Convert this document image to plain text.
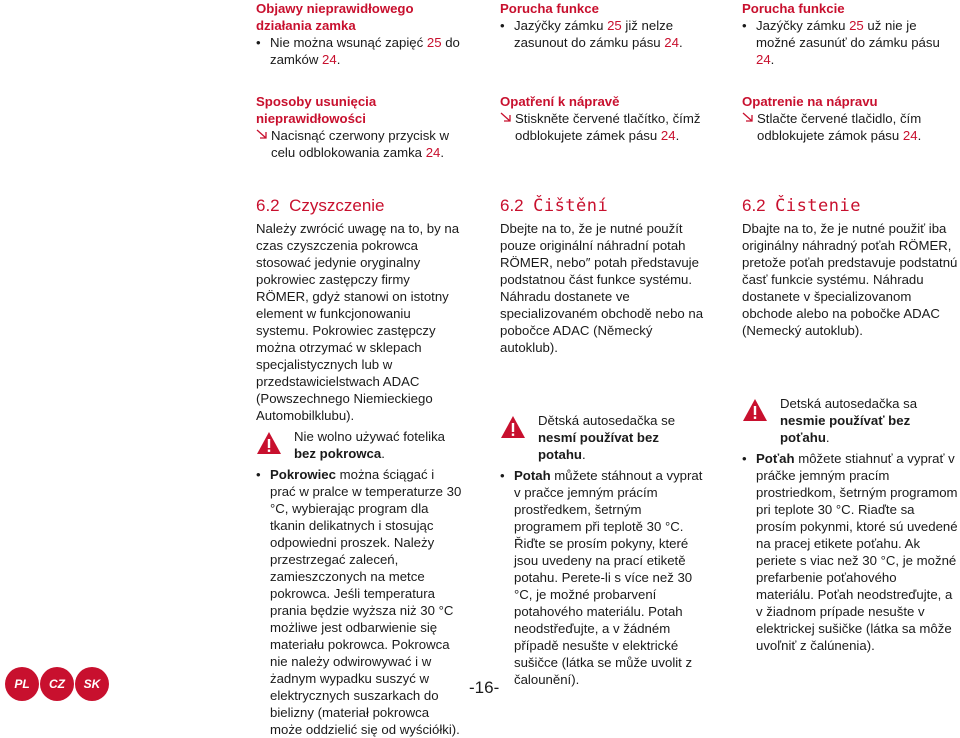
Objawy nieprawidłowego działania zamka

• Nie można wsunąć zapięć 25 do zamków 24.

Sposoby usunięcia nieprawidłowości

Nacisnąć czerwony przycisk w celu odblokowania zamka 24.
6.2 Czyszczenie

Należy zwrócić uwagę na to, by na czas czyszczenia pokrowca stosować jedynie oryginalny pokrowiec zastępczy firmy RÖMER, gdyż stanowi on istotny element w funkcjonowaniu systemu. Pokrowiec zastępczy można otrzymać w sklepach specjalistycznych lub w przedstawicielstwach ADAC (Powszechnego Niemieckiego Automobilklubu).

Nie wolno używać fotelika bez pokrowca.
• Pokrowiec można ściągać i prać w pralce w temperaturze 30 °C, wybierając program dla tkanin delikatnych i stosując odpowiedni proszek. Należy przestrzegać zaleceń, zamieszczonych na metce pokrowca. Jeśli temperatura prania będzie wyższa niż 30 °C możliwe jest odbarwienie się materiału pokrowca. Pokrowca nie należy odwirowywać i w żadnym wypadku suszyć w elektrycznych suszarkach do bielizny (materiał pokrowca może oddzielić się od wyściółki).

Porucha funkce

• Jazýčky zámku 25 již nelze zasunout do zámku pásu 24.

Opatření k nápravě

Stiskněte červené tlačítko, čímž odblokujete zámek pásu 24.
6.2 Čištění

Dbejte na to, že je nutné použít pouze originální náhradní potah RÖMER, nebo″ potah představuje podstatnou část funkce systému. Náhradu dostanete ve specializovaném obchodě nebo na pobočce ADAC (Německý autoklub).

Dětská autosedačka se nesmí používat bez potahu.
• Potah můžete stáhnout a vyprat v pračce jemným prácím prostředkem, šetrným programem při teplotě 30 °C. Řiďte se prosím pokyny, které jsou uvedeny na prací etiketě potahu. Perete-li s více než 30 °C, je možné probarvení potahového materiálu. Potah neodstřeďujte, a v žádném případě nesušte v elektrické sušičce (látka se může uvolit z čalounění).

Porucha funkcie

• Jazýčky zámku 25 už nie je možné zasunúť do zámku pásu 24.

Opatrenie na nápravu

Stlačte červené tlačidlo, čím odblokujete zámok pásu 24.
6.2 Čistenie

Dbajte na to, že je nutné použiť iba originálny náhradný poťah RÖMER, pretože poťah predstavuje podstatnú časť funkcie systému. Náhradu dostanete v špecializovanom obchode alebo na pobočke ADAC (Nemecký autoklub).

Detská autosedačka sa nesmie používať bez poťahu.
• Poťah môžete stiahnuť a vyprať v práčke jemným pracím prostriedkom, šetrným programom pri teplote 30 °C. Riaďte sa prosím pokynmi, ktoré sú uvedené na pracej etikete poťahu. Ak periete s viac než 30 °C, je možné prefarbenie poťahového materiálu. Poťah neodstreďujte, a v žiadnom prípade nesušte v elektrickej sušičke (látka sa môže uvoľniť z čalúnenia).
PL	CZ	SK	-16-
